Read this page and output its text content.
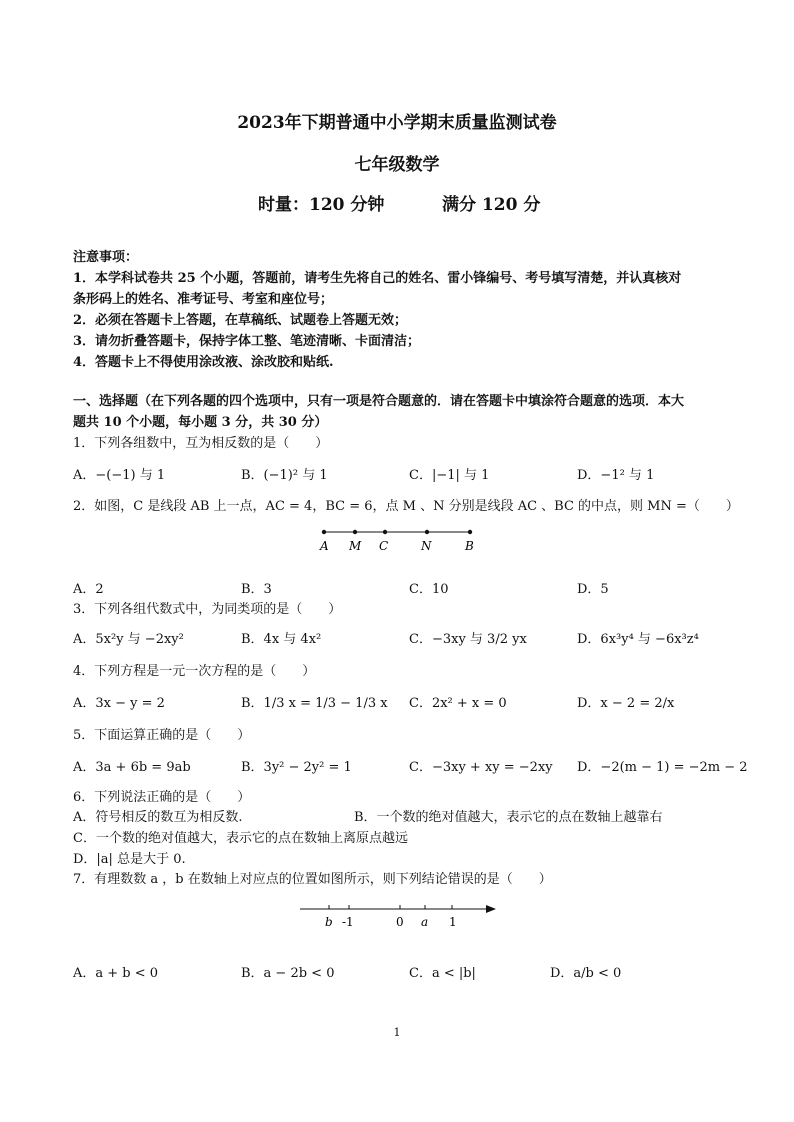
2023年下期普通中小学期末质量监测试卷
七年级数学
时量：120 分钟	满分 120 分
注意事项：
1．本学科试卷共 25 个小题，答题前，请考生先将自己的姓名、雷小锋编号、考号填写清楚，并认真核对
条形码上的姓名、准考证号、考室和座位号；
2．必须在答题卡上答题，在草稿纸、试题卷上答题无效；
3．请勿折叠答题卡，保持字体工整、笔迹清晰、卡面清洁；
4．答题卡上不得使用涂改液、涂改胶和贴纸.
一、选择题（在下列各题的四个选项中，只有一项是符合题意的．请在答题卡中填涂符合题意的选项．本大
题共 10 个小题，每小题 3 分，共 30 分）
1．下列各组数中，互为相反数的是（　　）
A．−(−1) 与 1	B．(−1)² 与 1	C．|−1| 与 1	D．−1² 与 1
2．如图，C 是线段 AB 上一点，AC = 4，BC = 6，点 M 、N 分别是线段 AC 、BC 的中点，则 MN =（　　）
A M C	N	B
A．2	B．3	C．10	D．5
3．下列各组代数式中，为同类项的是（　　）
A．5x²y 与 −2xy²	B．4x 与 4x²	C．−3xy 与 3/2 yx	D．6x³y⁴ 与 −6x³z⁴
4．下列方程是一元一次方程的是（　　）
A．3x − y = 2	B．1/3 x = 1/3 − 1/3 x C．2x² + x = 0	D．x − 2 = 2/x
5．下面运算正确的是（　　）
A．3a + 6b = 9ab	B．3y² − 2y² = 1	C．−3xy + xy = −2xy D．−2(m − 1) = −2m − 2
6．下列说法正确的是（　　）
A．符号相反的数互为相反数.	B．一个数的绝对值越大，表示它的点在数轴上越靠右
C．一个数的绝对值越大，表示它的点在数轴上离原点越远
D．|a| 总是大于 0.
7．有理数数 a ，b 在数轴上对应点的位置如图所示，则下列结论错误的是（　　）
b -1	0 a 1
A．a + b < 0	B．a − 2b < 0	C．a < |b|	D．a/b < 0
1
